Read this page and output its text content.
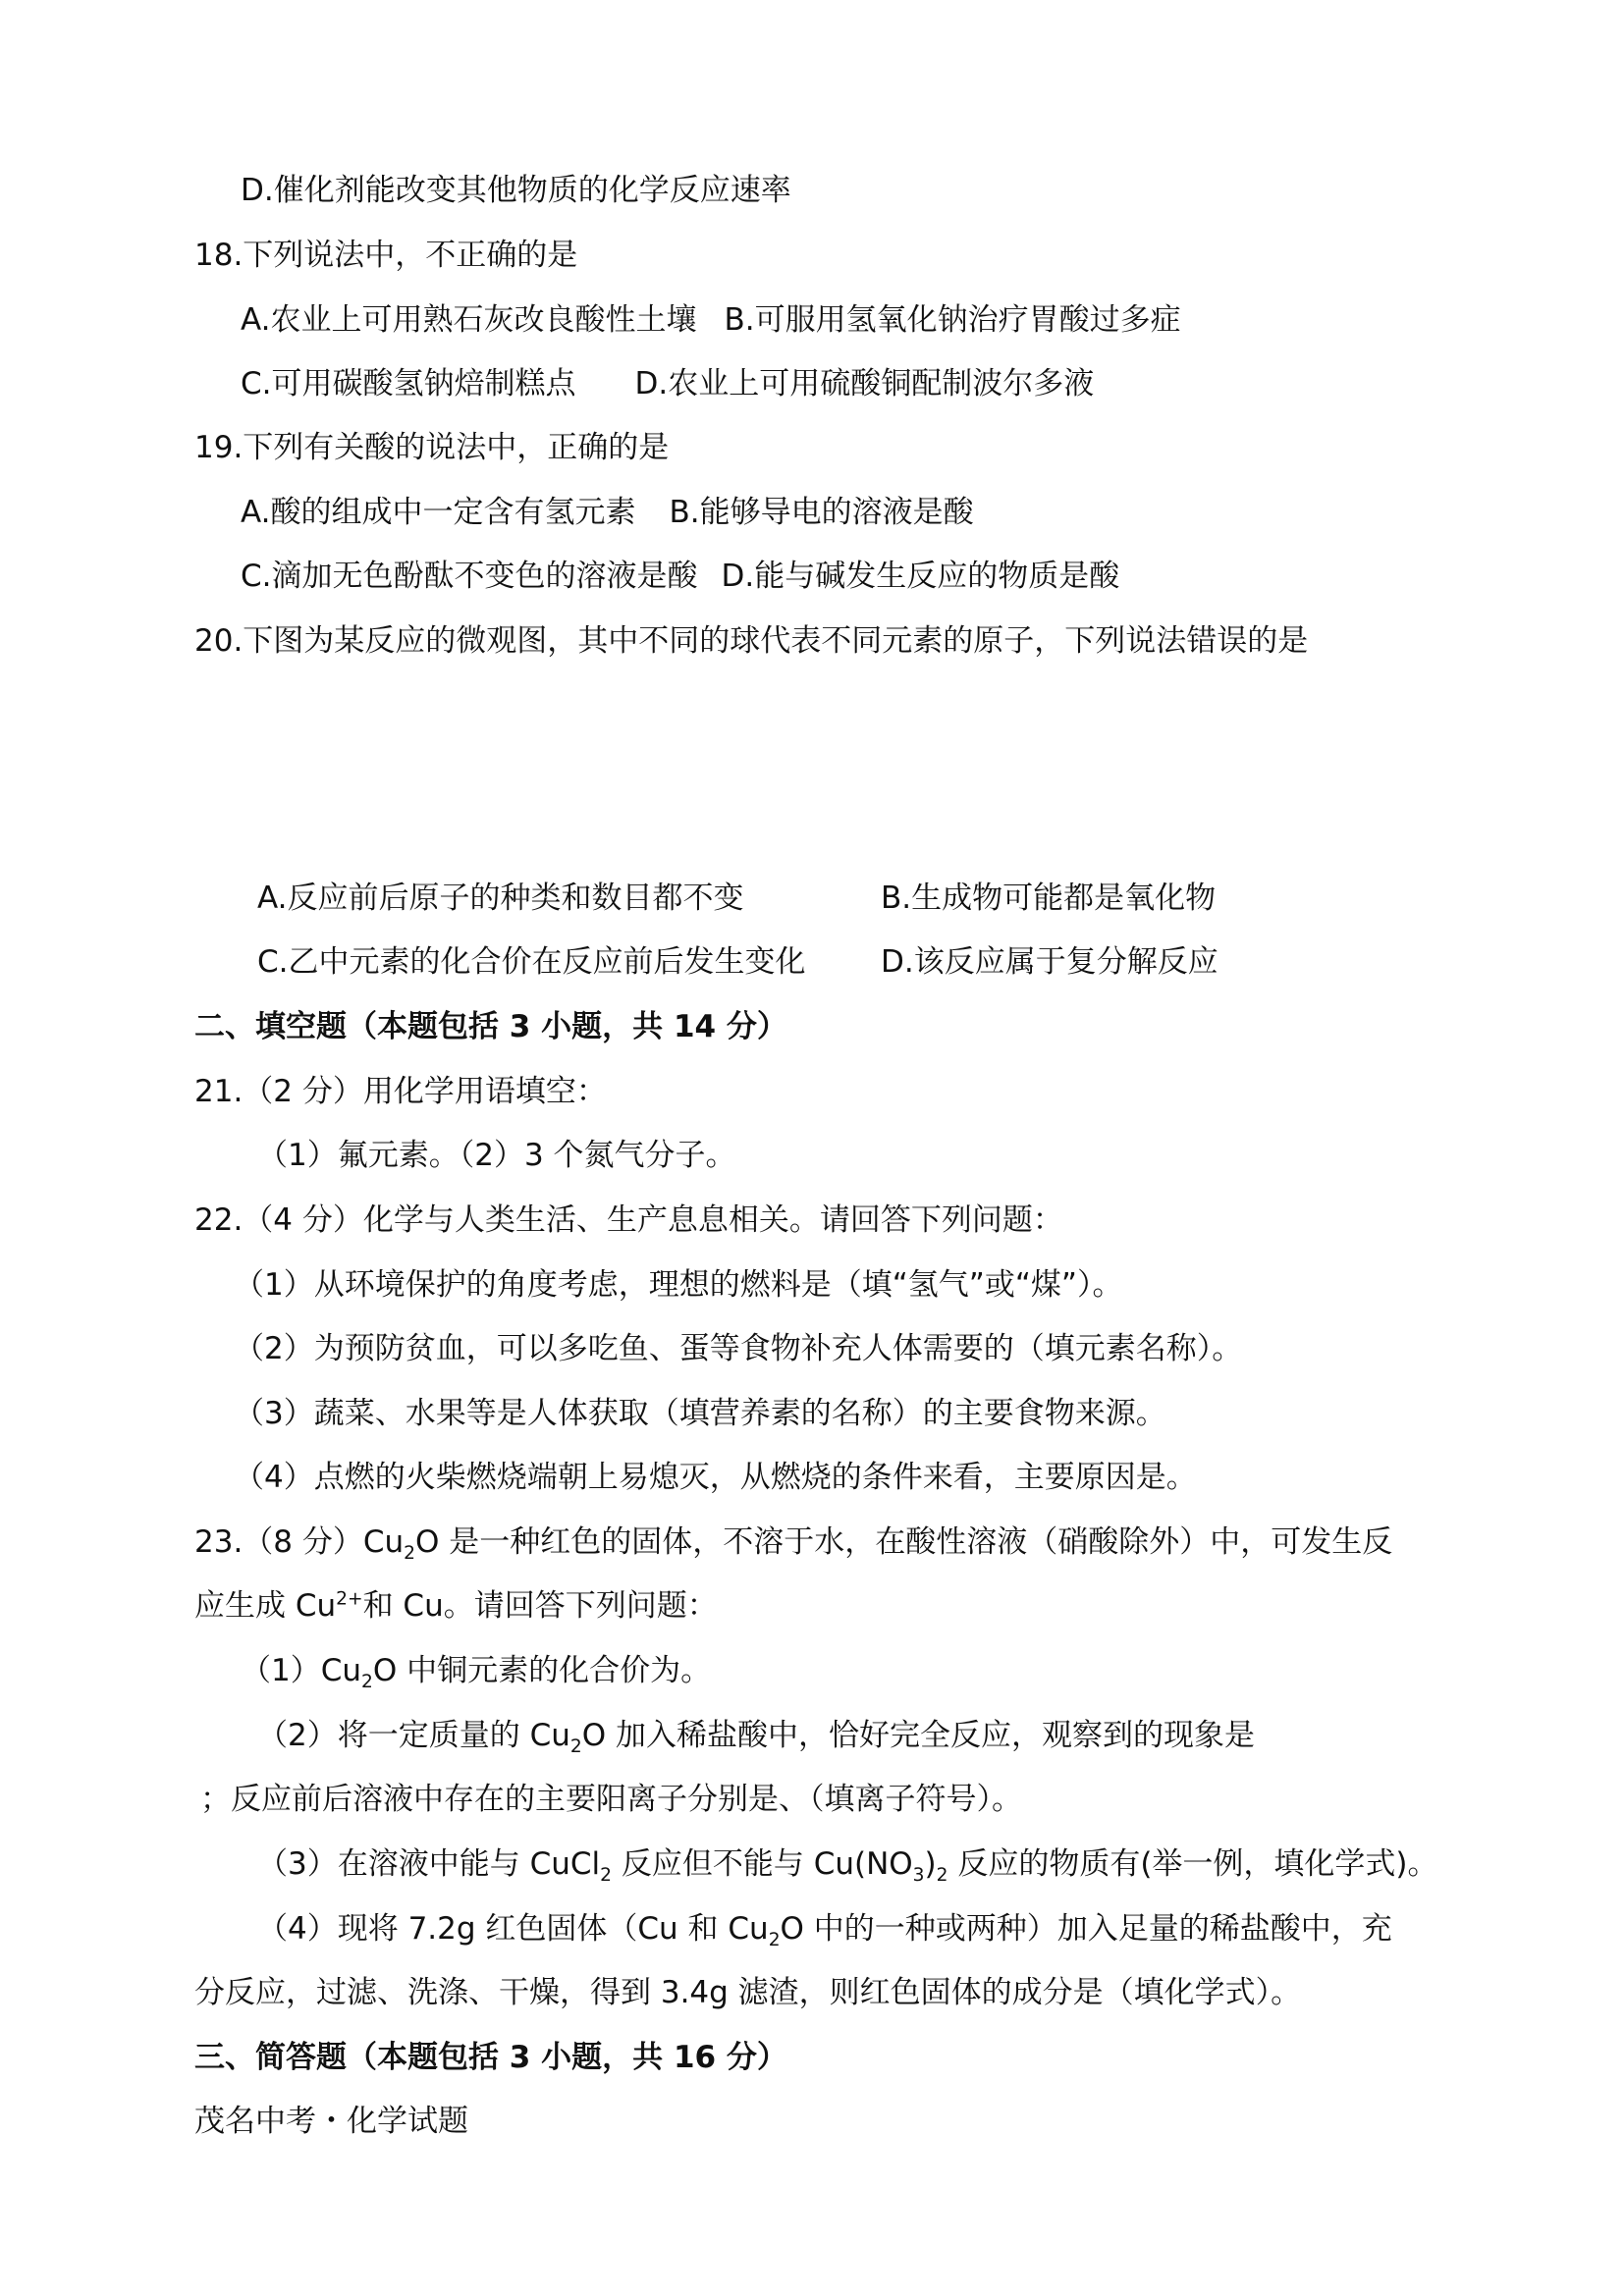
D.催化剂能改变其他物质的化学反应速率
18.下列说法中，不正确的是
A.农业上可用熟石灰改良酸性土壤 B.可服用氢氧化钠治疗胃酸过多症
C.可用碳酸氢钠焙制糕点 D.农业上可用硫酸铜配制波尔多液
19.下列有关酸的说法中，正确的是
A.酸的组成中一定含有氢元素 B.能够导电的溶液是酸
C.滴加无色酚酞不变色的溶液是酸 D.能与碱发生反应的物质是酸
20.下图为某反应的微观图，其中不同的球代表不同元素的原子，下列说法错误的是
A.反应前后原子的种类和数目都不变	B.生成物可能都是氧化物
C.乙中元素的化合价在反应前后发生变化 D.该反应属于复分解反应
二、填空题（本题包括 3 小题，共 14 分）
21.（2 分）用化学用语填空：
（1）氟元素。（2）3 个氮气分子。
22.（4 分）化学与人类生活、生产息息相关。请回答下列问题：
（1）从环境保护的角度考虑，理想的燃料是（填“氢气”或“煤”）。
（2）为预防贫血，可以多吃鱼、蛋等食物补充人体需要的（填元素名称）。
（3）蔬菜、水果等是人体获取（填营养素的名称）的主要食物来源。
（4）点燃的火柴燃烧端朝上易熄灭，从燃烧的条件来看，主要原因是。
23.（8 分）$Cu_2O$ 是一种红色的固体，不溶于水，在酸性溶液（硝酸除外）中，可发生反
应生成 $Cu^{2+}$和 Cu。请回答下列问题：
$(1)Cu_2O$ 中铜元素的化合价为。
（2）将一定质量的 $Cu_2O$ 加入稀盐酸中，恰好完全反应，观察到的现象是
；反应前后溶液中存在的主要阳离子分别是、（填离子符号）。
（3）在溶液中能与 CuCl$_2$ 反应但不能与 $Cu(NO_3)_2$ 反应的物质有(举一例，填化学式)。
（4）现将 7.2g 红色固体（Cu 和 $Cu_2O$ 中的一种或两种）加入足量的稀盐酸中，充
分反应，过滤、洗涤、干燥，得到 3.4g 滤渣，则红色固体的成分是（填化学式）。
三、简答题（本题包括 3 小题，共 16 分）
茂名中考・化学试题
